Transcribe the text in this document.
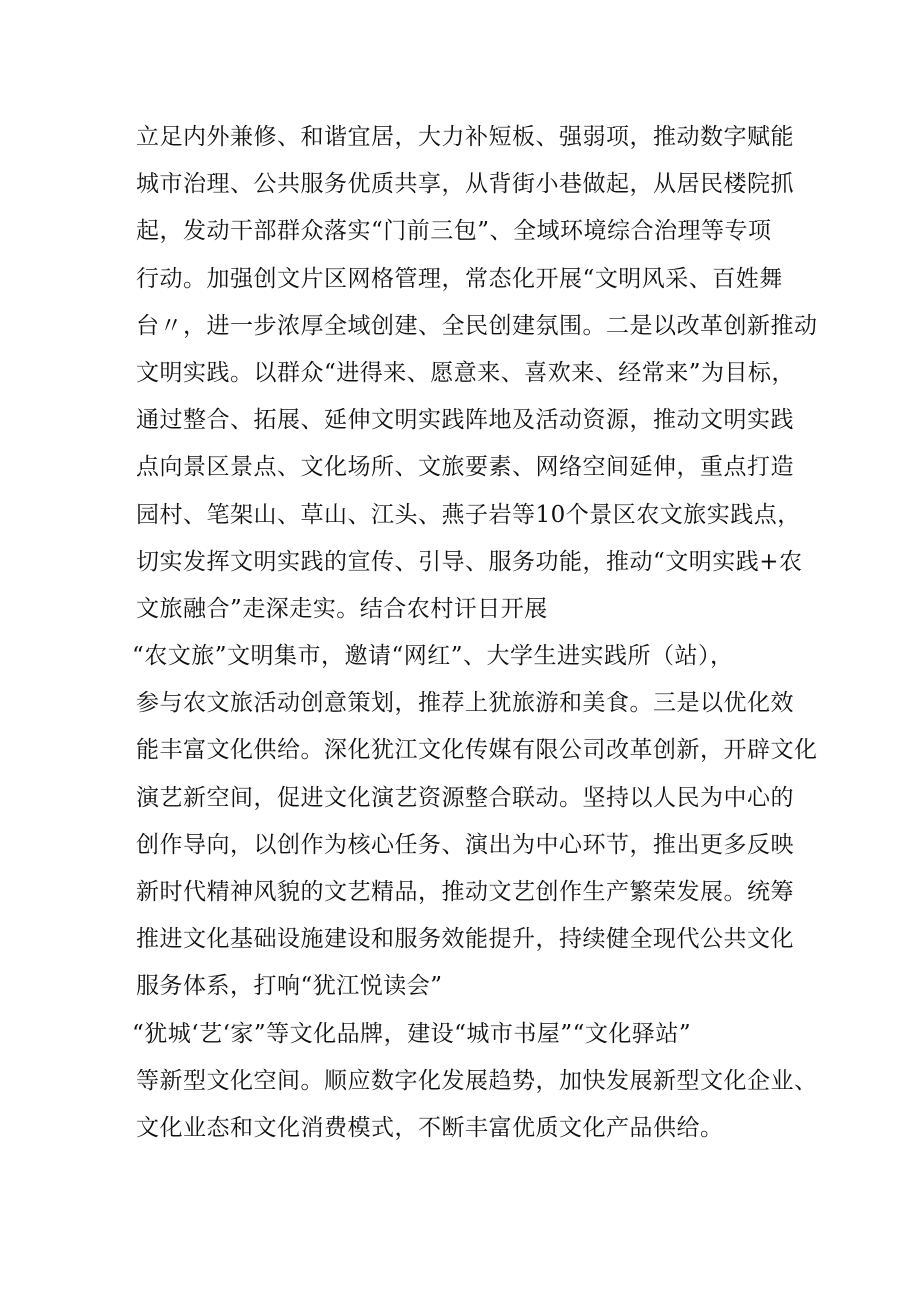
立足内外兼修、和谐宜居，大力补短板、强弱项，推动数字赋能
城市治理、公共服务优质共享，从背街小巷做起，从居民楼院抓
起，发动干部群众落实“门前三包”、全域环境综合治理等专项
行动。加强创文片区网格管理，常态化开展“文明风采、百姓舞
台〃，进一步浓厚全域创建、全民创建氛围。二是以改革创新推动
文明实践。以群众“进得来、愿意来、喜欢来、经常来”为目标，
通过整合、拓展、延伸文明实践阵地及活动资源，推动文明实践
点向景区景点、文化场所、文旅要素、网络空间延伸，重点打造
园村、笔架山、草山、江头、燕子岩等10个景区农文旅实践点，
切实发挥文明实践的宣传、引导、服务功能，推动“文明实践+农
文旅融合”走深走实。结合农村讦日开展
“农文旅”文明集市，邀请“网红”、大学生进实践所（站），
参与农文旅活动创意策划，推荐上犹旅游和美食。三是以优化效
能丰富文化供给。深化犹江文化传媒有限公司改革创新，开辟文化
演艺新空间，促进文化演艺资源整合联动。坚持以人民为中心的
创作导向，以创作为核心任务、演出为中心环节，推出更多反映
新时代精神风貌的文艺精品，推动文艺创作生产繁荣发展。统筹
推进文化基础设施建设和服务效能提升，持续健全现代公共文化
服务体系，打响“犹江悦读会”
“犹城‘艺‘家”等文化品牌，建设“城市书屋”“文化驿站”
等新型文化空间。顺应数字化发展趋势，加快发展新型文化企业、
文化业态和文化消费模式，不断丰富优质文化产品供给。
